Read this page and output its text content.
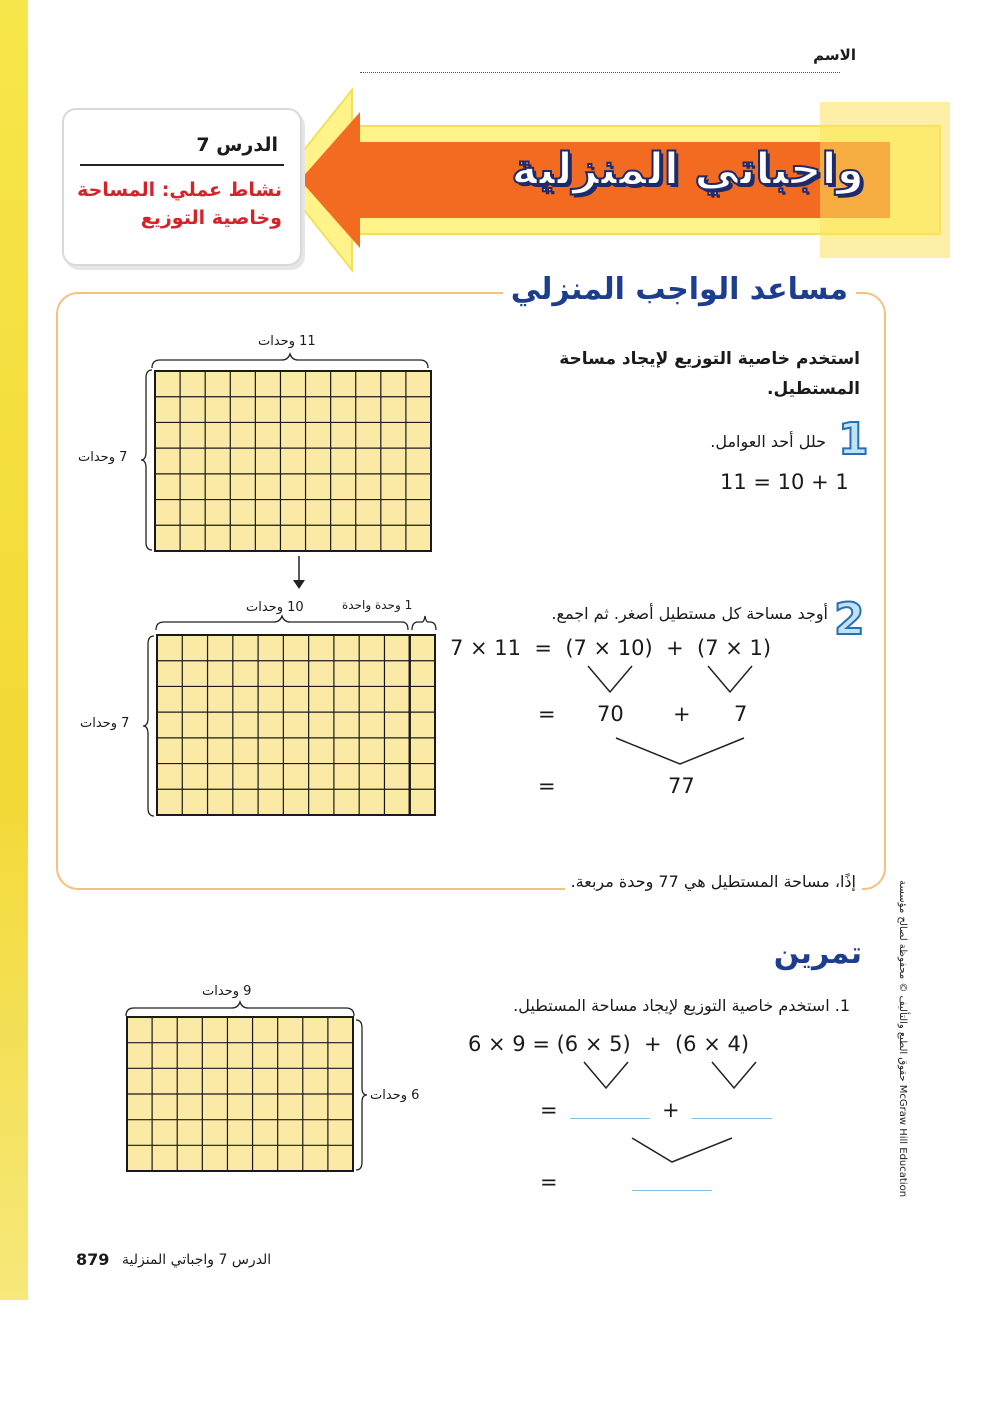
الاسم
واجباتي المنزلية
الدرس 7
نشاط عملي: المساحة
وخاصية التوزيع
مساعد الواجب المنزلي
استخدم خاصية التوزيع لإيجاد مساحة المستطيل.
1
حلل أحد العوامل.
11 = 10 + 1
2
أوجد مساحة كل مستطيل أصغر. ثم اجمع.
7 × 11  =  (7 × 10)  +  (7 × 1)
= 70 + 7
=	77
إذًا، مساحة المستطيل هي 77 وحدة مربعة.
11 وحدات
7 وحدات
10 وحدات	1 وحدة واحدة
7 وحدات
تمرين
1. استخدم خاصية التوزيع لإيجاد مساحة المستطيل.
6 × 9 = (6 × 5)  +  (6 × 4)
=	+
=
9 وحدات
6 وحدات
حقوق الطبع والتأليف © محفوظة لصالح مؤسسة McGraw Hill Education
879 الدرس 7 واجباتي المنزلية
